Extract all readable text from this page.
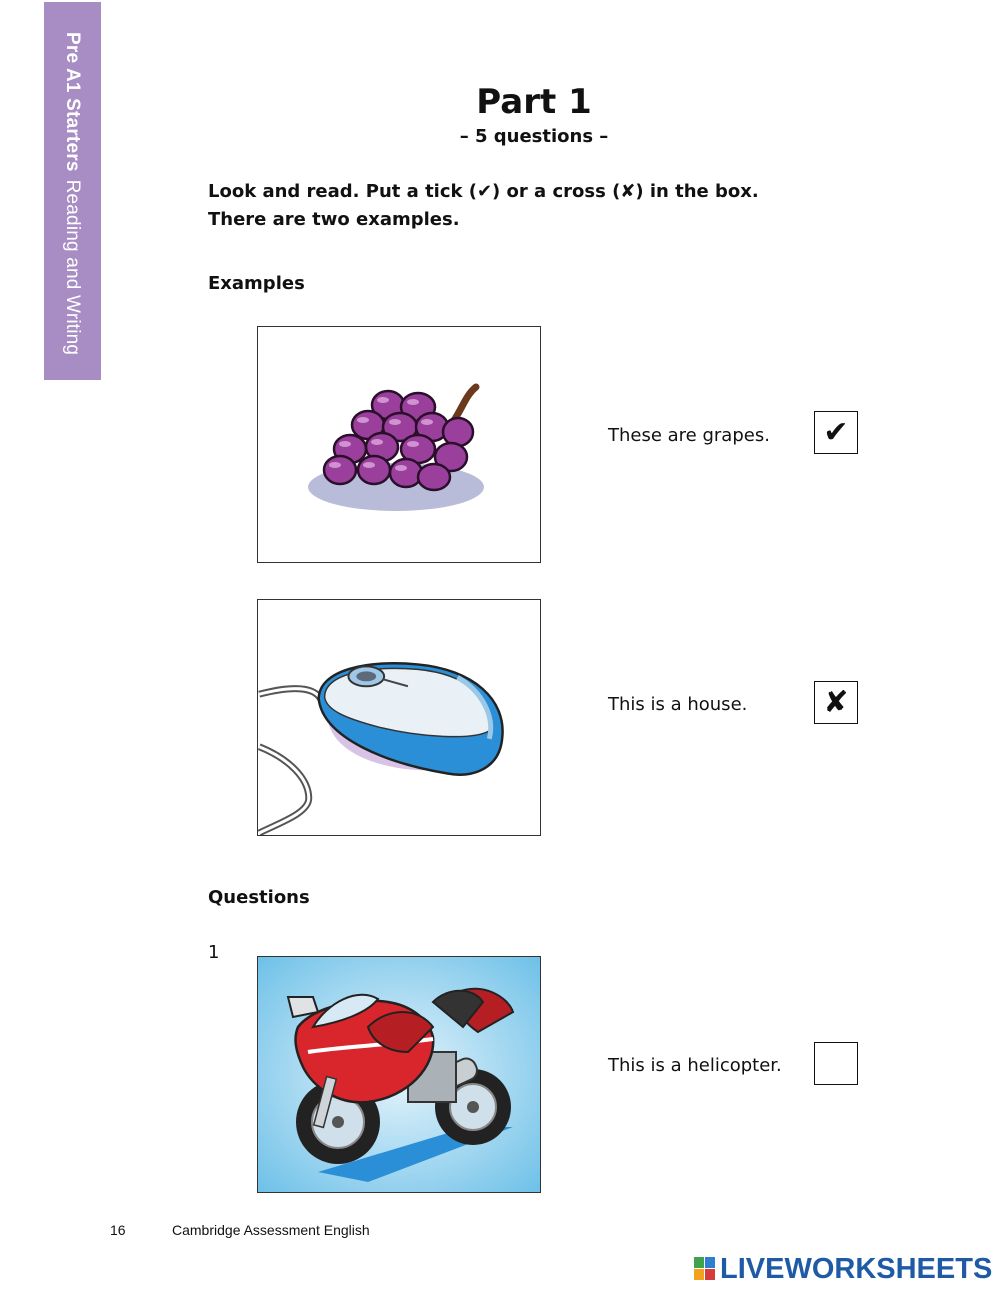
Pre A1 StartersReading and Writing
Part 1
– 5 questions –
Look and read. Put a tick (✔) or a cross (✘) in the box.
There are two examples.
Examples
These are grapes.	✔
This is a house.	✘
Questions
1
This is a helicopter.
16	Cambridge Assessment English
LIVEWORKSHEETS
